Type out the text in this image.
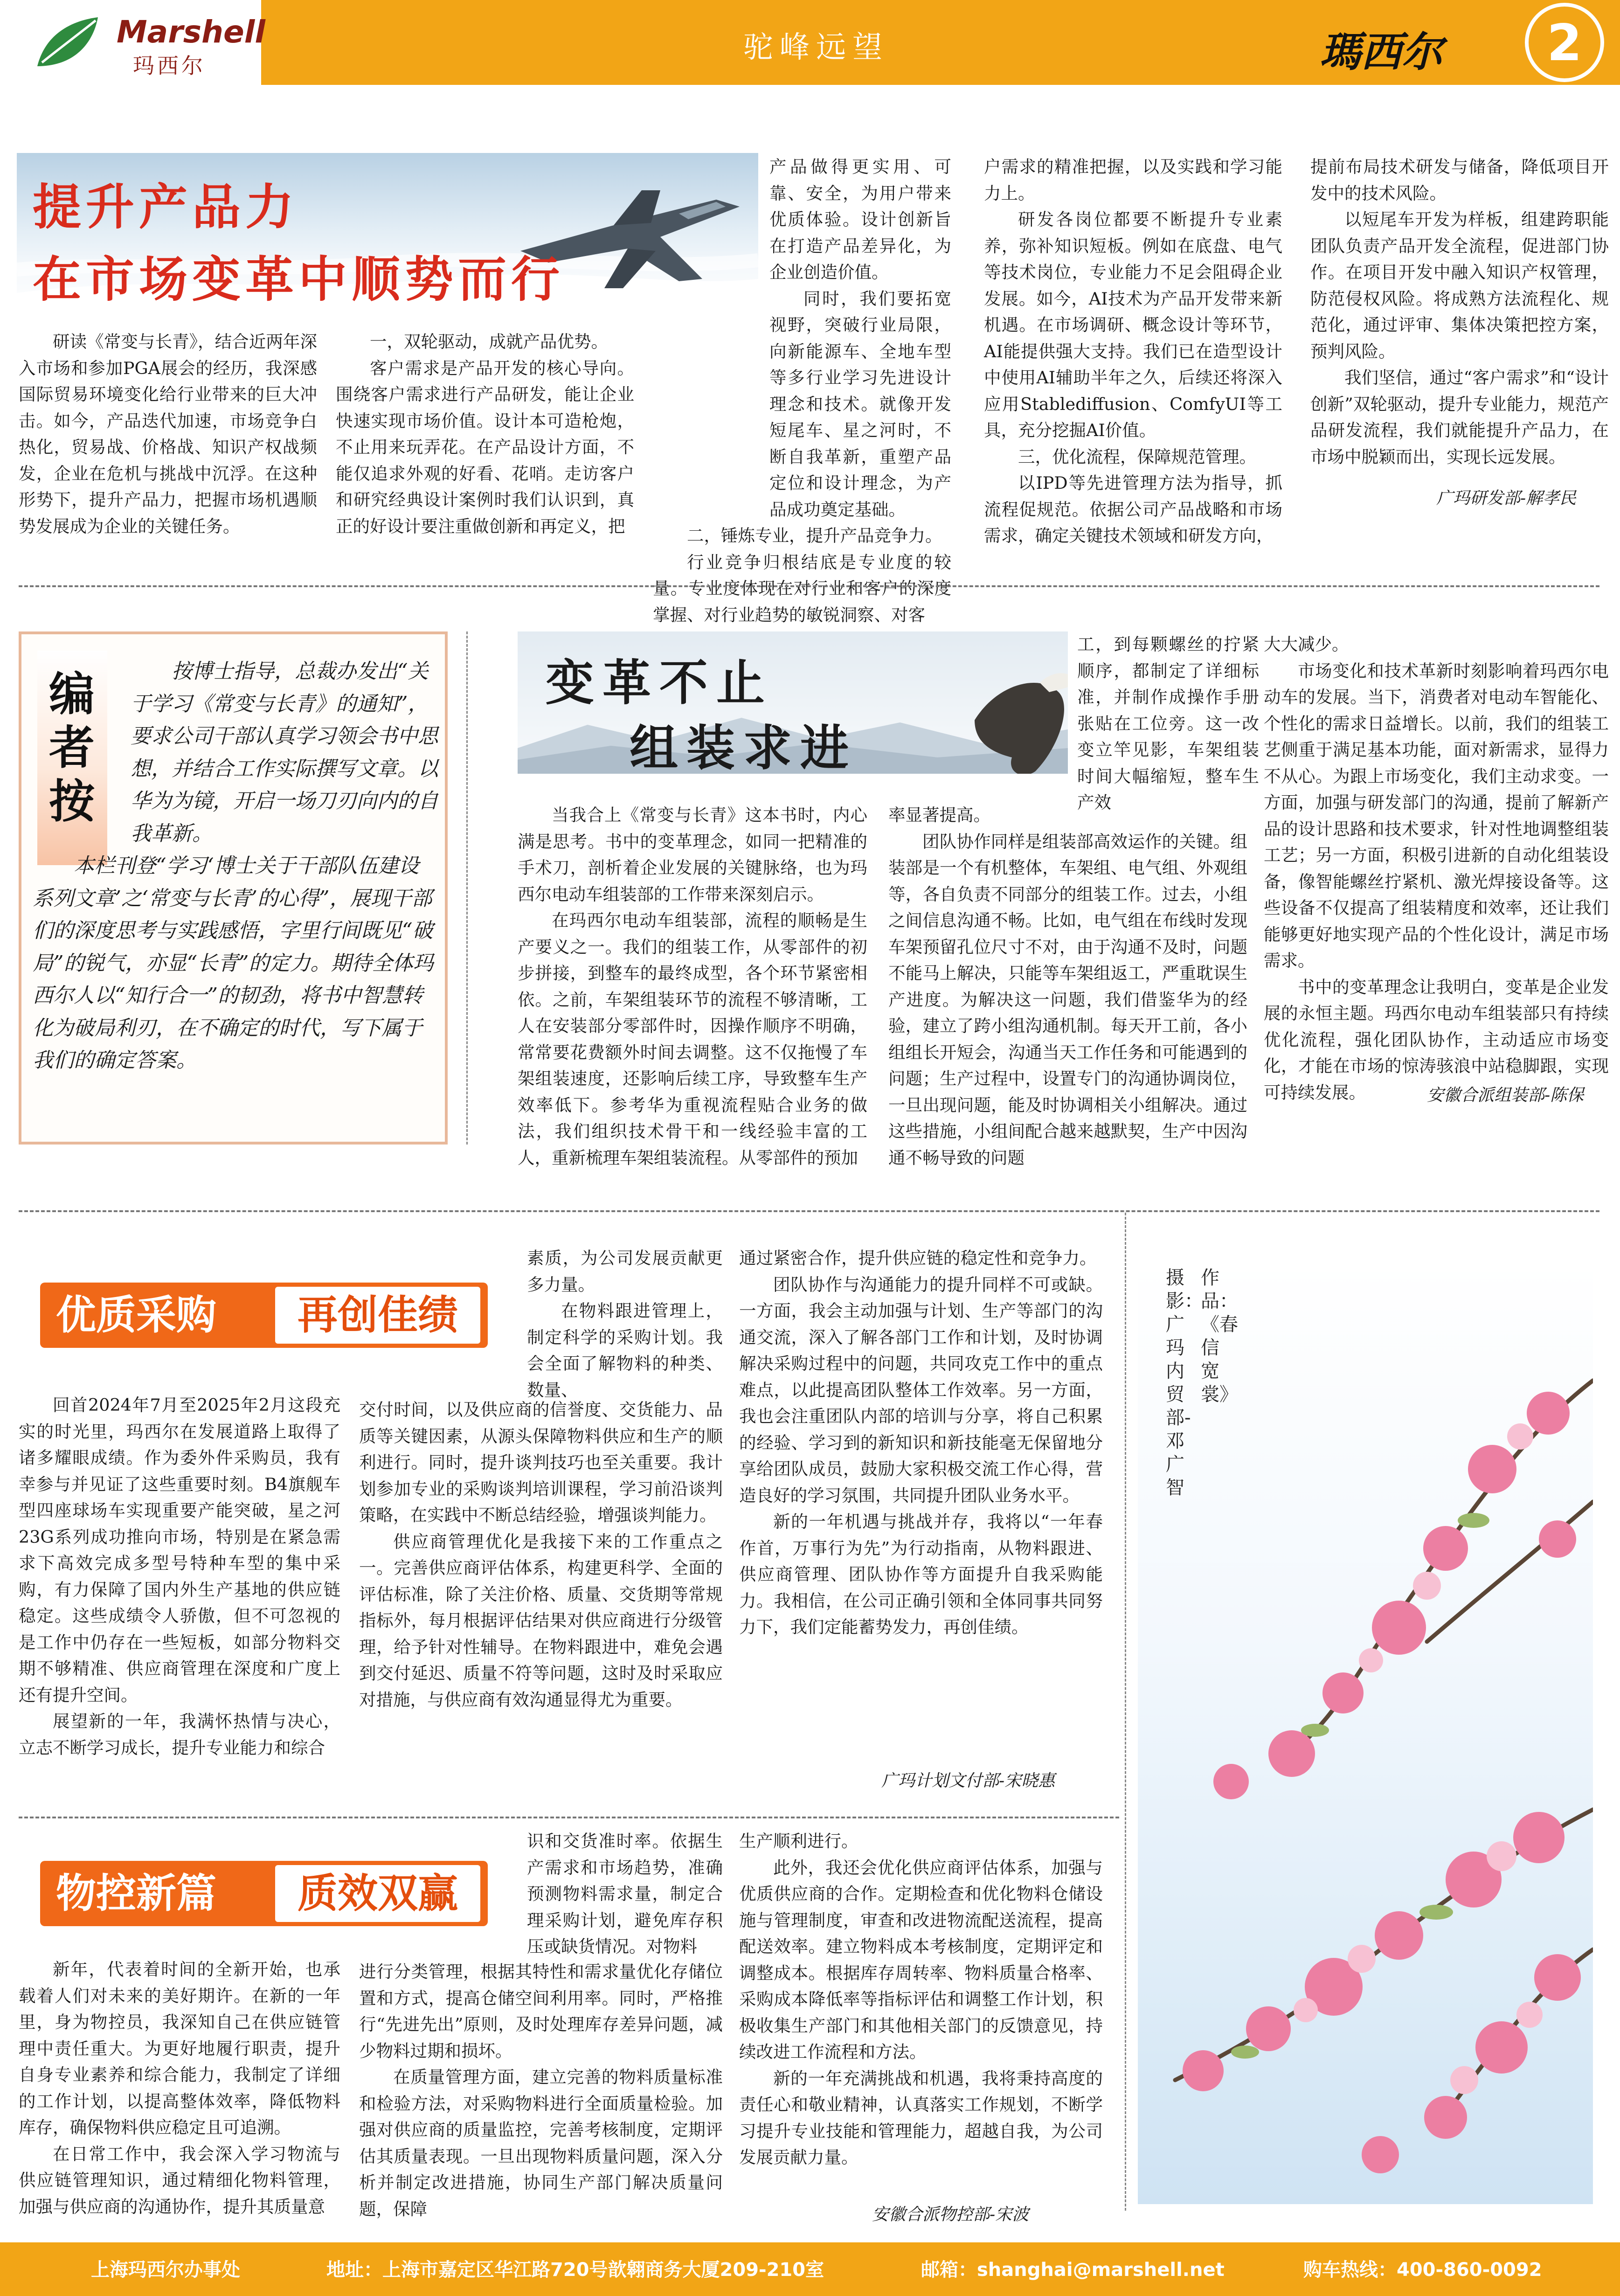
Marshell
玛西尔
驼峰远望	瑪西尔	2
提升产品力
在市场变革中顺势而行

研读《常变与长青》，结合近两年深入市场和参加PGA展会的经历，我深感国际贸易环境变化给行业带来的巨大冲击。如今，产品迭代加速，市场竞争白热化，贸易战、价格战、知识产权战频发，企业在危机与挑战中沉浮。在这种形势下，提升产品力，把握市场机遇顺势发展成为企业的关键任务。

一，双轮驱动，成就产品优势。

客户需求是产品开发的核心导向。围绕客户需求进行产品研发，能让企业快速实现市场价值。设计本可造枪炮，不止用来玩弄花。在产品设计方面，不能仅追求外观的好看、花哨。走访客户和研究经典设计案例时我们认识到，真正的好设计要注重做创新和再定义，把

产品做得更实用、可靠、安全，为用户带来优质体验。设计创新旨在打造产品差异化，为企业创造价值。

同时，我们要拓宽视野，突破行业局限，向新能源车、全地车型等多行业学习先进设计理念和技术。就像开发短尾车、星之河时，不断自我革新，重塑产品定位和设计理念，为产品成功奠定基础。

二，锤炼专业，提升产品竞争力。

行业竞争归根结底是专业度的较量。专业度体现在对行业和客户的深度掌握、对行业趋势的敏锐洞察、对客

户需求的精准把握，以及实践和学习能力上。

研发各岗位都要不断提升专业素养，弥补知识短板。例如在底盘、电气等技术岗位，专业能力不足会阻碍企业发展。如今，AI技术为产品开发带来新机遇。在市场调研、概念设计等环节，AI能提供强大支持。我们已在造型设计中使用AI辅助半年之久，后续还将深入应用Stablediffusion、ComfyUI等工具，充分挖掘AI价值。

三，优化流程，保障规范管理。

以IPD等先进管理方法为指导，抓流程促规范。依据公司产品战略和市场需求，确定关键技术领域和研发方向，

提前布局技术研发与储备，降低项目开发中的技术风险。

以短尾车开发为样板，组建跨职能团队负责产品开发全流程，促进部门协作。在项目开发中融入知识产权管理，防范侵权风险。将成熟方法流程化、规范化，通过评审、集体决策把控方案，预判风险。

我们坚信，通过“客户需求”和“设计创新”双轮驱动，提升专业能力，规范产品研发流程，我们就能提升产品力，在市场中脱颖而出，实现长远发展。

广玛研发部-解孝民
编
者
按

按博士指导，总裁办发出“关于学习《常变与长青》的通知”，要求公司干部认真学习领会书中思想，并结合工作实际撰写文章。以华为为镜，开启一场刀刃向内的自我革新。

本栏刊登“学习‘博士关于干部队伍建设系列文章’之‘常变与长青’的心得”，展现干部们的深度思考与实践感悟，字里行间既见“破局”的锐气，亦显“长青”的定力。期待全体玛西尔人以“知行合一”的韧劲，将书中智慧转化为破局利刃，在不确定的时代，写下属于我们的确定答案。

变革不止
组装求进

工，到每颗螺丝的拧紧顺序，都制定了详细标准，并制作成操作手册张贴在工位旁。这一改变立竿见影，车架组装时间大幅缩短，整车生产效

当我合上《常变与长青》这本书时，内心满是思考。书中的变革理念，如同一把精准的手术刀，剖析着企业发展的关键脉络，也为玛西尔电动车组装部的工作带来深刻启示。

在玛西尔电动车组装部，流程的顺畅是生产要义之一。我们的组装工作，从零部件的初步拼接，到整车的最终成型，各个环节紧密相依。之前，车架组装环节的流程不够清晰，工人在安装部分零部件时，因操作顺序不明确，常常要花费额外时间去调整。这不仅拖慢了车架组装速度，还影响后续工序，导致整车生产效率低下。参考华为重视流程贴合业务的做法，我们组织技术骨干和一线经验丰富的工人，重新梳理车架组装流程。从零部件的预加

率显著提高。

团队协作同样是组装部高效运作的关键。组装部是一个有机整体，车架组、电气组、外观组等，各自负责不同部分的组装工作。过去，小组之间信息沟通不畅。比如，电气组在布线时发现车架预留孔位尺寸不对，由于沟通不及时，问题不能马上解决，只能等车架组返工，严重耽误生产进度。为解决这一问题，我们借鉴华为的经验，建立了跨小组沟通机制。每天开工前，各小组组长开短会，沟通当天工作任务和可能遇到的问题；生产过程中，设置专门的沟通协调岗位，一旦出现问题，能及时协调相关小组解决。通过这些措施，小组间配合越来越默契，生产中因沟通不畅导致的问题

大大减少。

市场变化和技术革新时刻影响着玛西尔电动车的发展。当下，消费者对电动车智能化、个性化的需求日益增长。以前，我们的组装工艺侧重于满足基本功能，面对新需求，显得力不从心。为跟上市场变化，我们主动求变。一方面，加强与研发部门的沟通，提前了解新产品的设计思路和技术要求，针对性地调整组装工艺；另一方面，积极引进新的自动化组装设备，像智能螺丝拧紧机、激光焊接设备等。这些设备不仅提高了组装精度和效率，还让我们能够更好地实现产品的个性化设计，满足市场需求。

书中的变革理念让我明白，变革是企业发展的永恒主题。玛西尔电动车组装部只有持续优化流程，强化团队协作，主动适应市场变化，才能在市场的惊涛骇浪中站稳脚跟，实现可持续发展。	安徽合派组装部-陈保
优质采购	再创佳绩

回首2024年7月至2025年2月这段充实的时光里，玛西尔在发展道路上取得了诸多耀眼成绩。作为委外件采购员，我有幸参与并见证了这些重要时刻。B4旗舰车型四座球场车实现重要产能突破，星之河23G系列成功推向市场，特别是在紧急需求下高效完成多型号特种车型的集中采购，有力保障了国内外生产基地的供应链稳定。这些成绩令人骄傲，但不可忽视的是工作中仍存在一些短板，如部分物料交期不够精准、供应商管理在深度和广度上还有提升空间。

展望新的一年，我满怀热情与决心，立志不断学习成长，提升专业能力和综合

素质，为公司发展贡献更多力量。

在物料跟进管理上，制定科学的采购计划。我会全面了解物料的种类、数量、

交付时间，以及供应商的信誉度、交货能力、品质等关键因素，从源头保障物料供应和生产的顺利进行。同时，提升谈判技巧也至关重要。我计划参加专业的采购谈判培训课程，学习前沿谈判策略，在实践中不断总结经验，增强谈判能力。

供应商管理优化是我接下来的工作重点之一。完善供应商评估体系，构建更科学、全面的评估标准，除了关注价格、质量、交货期等常规指标外，每月根据评估结果对供应商进行分级管理，给予针对性辅导。在物料跟进中，难免会遇到交付延迟、质量不符等问题，这时及时采取应对措施，与供应商有效沟通显得尤为重要。

通过紧密合作，提升供应链的稳定性和竞争力。

团队协作与沟通能力的提升同样不可或缺。一方面，我会主动加强与计划、生产等部门的沟通交流，深入了解各部门工作和计划，及时协调解决采购过程中的问题，共同攻克工作中的重点难点，以此提高团队整体工作效率。另一方面，我也会注重团队内部的培训与分享，将自己积累的经验、学习到的新知识和新技能毫无保留地分享给团队成员，鼓励大家积极交流工作心得，营造良好的学习氛围，共同提升团队业务水平。

新的一年机遇与挑战并存，我将以“一年春作首，万事行为先”为行动指南，从物料跟进、供应商管理、团队协作等方面提升自我采购能力。我相信，在公司正确引领和全体同事共同努力下，我们定能蓄势发力，再创佳绩。

广玛计划文付部-宋晓惠
物控新篇	质效双赢

新年，代表着时间的全新开始，也承载着人们对未来的美好期许。在新的一年里，身为物控员，我深知自己在供应链管理中责任重大。为更好地履行职责，提升自身专业素养和综合能力，我制定了详细的工作计划，以提高整体效率，降低物料库存，确保物料供应稳定且可追溯。

在日常工作中，我会深入学习物流与供应链管理知识，通过精细化物料管理，加强与供应商的沟通协作，提升其质量意

识和交货准时率。依据生产需求和市场趋势，准确预测物料需求量，制定合理采购计划，避免库存积压或缺货情况。对物料

进行分类管理，根据其特性和需求量优化存储位置和方式，提高仓储空间利用率。同时，严格推行“先进先出”原则，及时处理库存差异问题，减少物料过期和损坏。

在质量管理方面，建立完善的物料质量标准和检验方法，对采购物料进行全面质量检验。加强对供应商的质量监控，完善考核制度，定期评估其质量表现。一旦出现物料质量问题，深入分析并制定改进措施，协同生产部门解决质量问题，保障

生产顺利进行。

此外，我还会优化供应商评估体系，加强与优质供应商的合作。定期检查和优化物料仓储设施与管理制度，审查和改进物流配送流程，提高配送效率。建立物料成本考核制度，定期评定和调整成本。根据库存周转率、物料质量合格率、采购成本降低率等指标评估和调整工作计划，积极收集生产部门和其他相关部门的反馈意见，持续改进工作流程和方法。

新的一年充满挑战和机遇，我将秉持高度的责任心和敬业精神，认真落实工作规划，不断学习提升专业技能和管理能力，超越自我，为公司发展贡献力量。

安徽合派物控部-宋波
作品：《春信宽裳》
摄影：广玛内贸部-邓广智
上海玛西尔办事处	地址：上海市嘉定区华江路720号歆翱商务大厦209-210室	邮箱：shanghai@marshell.net	购车热线：400-860-0092
